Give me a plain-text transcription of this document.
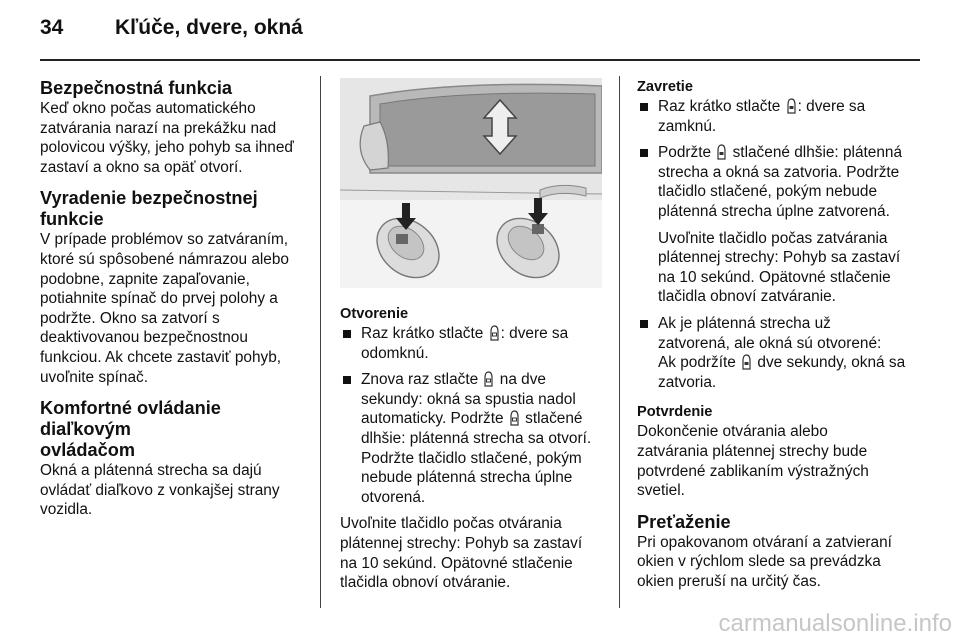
34 Kľúče, dvere, okná
Bezpečnostná funkcia
Keď okno počas automatického
zatvárania narazí na prekážku nad
polovicou výšky, jeho pohyb sa ihneď
zastaví a okno sa opäť otvorí.
Vyradenie bezpečnostnej
funkcie
V prípade problémov so zatváraním,
ktoré sú spôsobené námrazou alebo
podobne, zapnite zapaľovanie,
potiahnite spínač do prvej polohy a
podržte. Okno sa zatvorí s
deaktivovanou bezpečnostnou
funkciou. Ak chcete zastaviť pohyb,
uvoľnite spínač.
Komfortné ovládanie diaľkovým
ovládačom
Okná a plátenná strecha sa dajú
ovládať diaľkovo z vonkajšej strany
vozidla.
Otvorenie
Raz krátko stlačte : dvere sa
odomknú.
Znova raz stlačte na dve
sekundy: okná sa spustia nadol
automaticky. Podržte stlačené
dlhšie: plátenná strecha sa otvorí.
Podržte tlačidlo stlačené, pokým
nebude plátenná strecha úplne
otvorená.
Uvoľnite tlačidlo počas otvárania
plátennej strechy: Pohyb sa zastaví
na 10 sekúnd. Opätovné stlačenie
tlačidla obnoví otváranie.
Zavretie
Raz krátko stlačte : dvere sa
zamknú.
Podržte stlačené dlhšie: plátenná
strecha a okná sa zatvoria. Podržte
tlačidlo stlačené, pokým nebude
plátenná strecha úplne zatvorená.
Uvoľnite tlačidlo počas zatvárania
plátennej strechy: Pohyb sa zastaví
na 10 sekúnd. Opätovné stlačenie
tlačidla obnoví zatváranie.
Ak je plátenná strecha už
zatvorená, ale okná sú otvorené:
Ak podržíte dve sekundy, okná sa
zatvoria.
Potvrdenie
Dokončenie otvárania alebo
zatvárania plátennej strechy bude
potvrdené zablikaním výstražných
svetiel.
Preťaženie
Pri opakovanom otváraní a zatvieraní
okien v rýchlom slede sa prevádzka
okien preruší na určitý čas.
carmanualsonline.info
